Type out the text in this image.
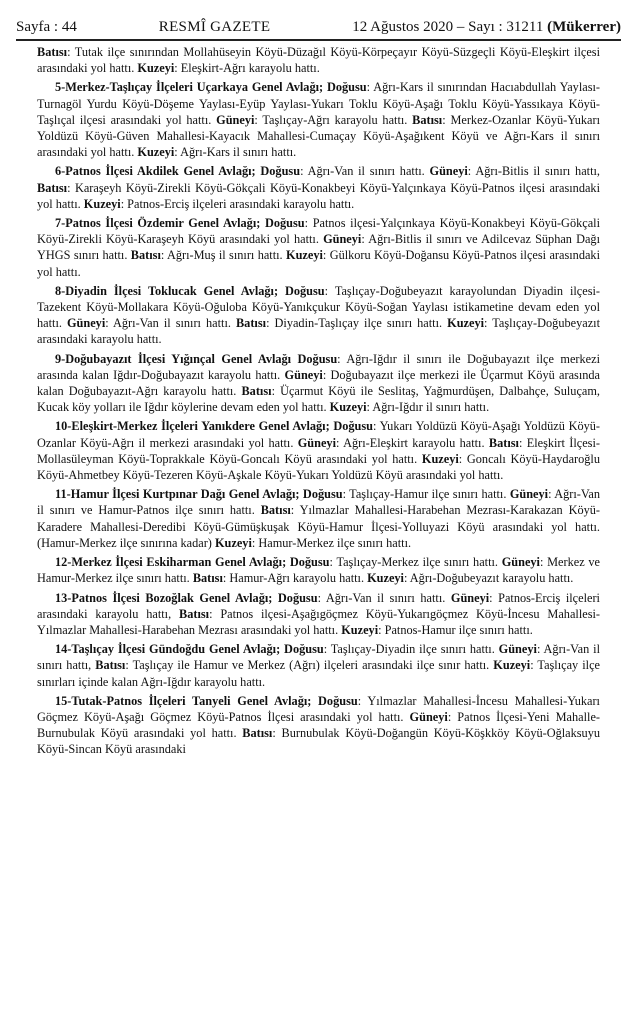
Sayfa : 44	RESMÎ GAZETE	12 Ağustos 2020 – Sayı : 31211 (Mükerrer)

Batısı: Tutak ilçe sınırından Mollahüseyin Köyü-Düzağıl Köyü-Körpeçayır Köyü-Süzgeçli Köyü-Eleşkirt ilçesi arasındaki yol hattı. Kuzeyi: Eleşkirt-Ağrı karayolu hattı.

5-Merkez-Taşlıçay İlçeleri Uçarkaya Genel Avlağı; Doğusu: Ağrı-Kars il sınırından Hacıabdullah Yaylası-Turnagöl Yurdu Köyü-Döşeme Yaylası-Eyüp Yaylası-Yukarı Toklu Köyü-Aşağı Toklu Köyü-Yassıkaya Köyü-Taşlıçal ilçesi arasındaki yol hattı. Güneyi: Taşlıçay-Ağrı karayolu hattı. Batısı: Merkez-Ozanlar Köyü-Yukarı Yoldüzü Köyü-Güven Mahallesi-Kayacık Mahallesi-Cumaçay Köyü-Aşağıkent Köyü ve Ağrı-Kars il sınırı arasındaki yol hattı. Kuzeyi: Ağrı-Kars il sınırı hattı.

6-Patnos İlçesi Akdilek Genel Avlağı; Doğusu: Ağrı-Van il sınırı hattı. Güneyi: Ağrı-Bitlis il sınırı hattı, Batısı: Karaşeyh Köyü-Zirekli Köyü-Gökçali Köyü-Konakbeyi Köyü-Yalçınkaya Köyü-Patnos ilçesi arasındaki yol hattı. Kuzeyi: Patnos-Erciş ilçeleri arasındaki karayolu hattı.

7-Patnos İlçesi Özdemir Genel Avlağı; Doğusu: Patnos ilçesi-Yalçınkaya Köyü-Konakbeyi Köyü-Gökçali Köyü-Zirekli Köyü-Karaşeyh Köyü arasındaki yol hattı. Güneyi: Ağrı-Bitlis il sınırı ve Adilcevaz Süphan Dağı YHGS sınırı hattı. Batısı: Ağrı-Muş il sınırı hattı. Kuzeyi: Gülkoru Köyü-Doğansu Köyü-Patnos ilçesi arasındaki yol hattı.

8-Diyadin İlçesi Toklucak Genel Avlağı; Doğusu: Taşlıçay-Doğubeyazıt karayolundan Diyadin ilçesi-Tazekent Köyü-Mollakara Köyü-Oğuloba Köyü-Yanıkçukur Köyü-Soğan Yaylası istikametine devam eden yol hattı. Güneyi: Ağrı-Van il sınırı hattı. Batısı: Diyadin-Taşlıçay ilçe sınırı hattı. Kuzeyi: Taşlıçay-Doğubeyazıt arasındaki karayolu hattı.

9-Doğubayazıt İlçesi Yığınçal Genel Avlağı Doğusu: Ağrı-Iğdır il sınırı ile Doğubayazıt ilçe merkezi arasında kalan Iğdır-Doğubayazıt karayolu hattı. Güneyi: Doğubayazıt ilçe merkezi ile Üçarmut Köyü arasında kalan Doğubayazıt-Ağrı karayolu hattı. Batısı: Üçarmut Köyü ile Seslitaş, Yağmurdüşen, Dalbahçe, Suluçam, Kucak köy yolları ile Iğdır köylerine devam eden yol hattı. Kuzeyi: Ağrı-Iğdır il sınırı hattı.

10-Eleşkirt-Merkez İlçeleri Yanıkdere Genel Avlağı; Doğusu: Yukarı Yoldüzü Köyü-Aşağı Yoldüzü Köyü-Ozanlar Köyü-Ağrı il merkezi arasındaki yol hattı. Güneyi: Ağrı-Eleşkirt karayolu hattı. Batısı: Eleşkirt İlçesi-Mollasüleyman Köyü-Toprakkale Köyü-Goncalı Köyü arasındaki yol hattı. Kuzeyi: Goncalı Köyü-Haydaroğlu Köyü-Ahmetbey Köyü-Tezeren Köyü-Aşkale Köyü-Yukarı Yoldüzü Köyü arasındaki yol hattı.

11-Hamur İlçesi Kurtpınar Dağı Genel Avlağı; Doğusu: Taşlıçay-Hamur ilçe sınırı hattı. Güneyi: Ağrı-Van il sınırı ve Hamur-Patnos ilçe sınırı hattı. Batısı: Yılmazlar Mahallesi-Harabehan Mezrası-Karakazan Köyü-Karadere Mahallesi-Deredibi Köyü-Gümüşkuşak Köyü-Hamur İlçesi-Yolluyazi Köyü arasındaki yol hattı. (Hamur-Merkez ilçe sınırına kadar) Kuzeyi: Hamur-Merkez ilçe sınırı hattı.

12-Merkez İlçesi Eskiharman Genel Avlağı; Doğusu: Taşlıçay-Merkez ilçe sınırı hattı. Güneyi: Merkez ve Hamur-Merkez ilçe sınırı hattı. Batısı: Hamur-Ağrı karayolu hattı. Kuzeyi: Ağrı-Doğubeyazıt karayolu hattı.

13-Patnos İlçesi Bozoğlak Genel Avlağı; Doğusu: Ağrı-Van il sınırı hattı. Güneyi: Patnos-Erciş ilçeleri arasındaki karayolu hattı, Batısı: Patnos ilçesi-Aşağıgöçmez Köyü-Yukarıgöçmez Köyü-İncesu Mahallesi-Yılmazlar Mahallesi-Harabehan Mezrası arasındaki yol hattı. Kuzeyi: Patnos-Hamur ilçe sınırı hattı.

14-Taşlıçay İlçesi Gündoğdu Genel Avlağı; Doğusu: Taşlıçay-Diyadin ilçe sınırı hattı. Güneyi: Ağrı-Van il sınırı hattı, Batısı: Taşlıçay ile Hamur ve Merkez (Ağrı) ilçeleri arasındaki ilçe sınır hattı. Kuzeyi: Taşlıçay ilçe sınırları içinde kalan Ağrı-Iğdır karayolu hattı.

15-Tutak-Patnos İlçeleri Tanyeli Genel Avlağı; Doğusu: Yılmazlar Mahallesi-İncesu Mahallesi-Yukarı Göçmez Köyü-Aşağı Göçmez Köyü-Patnos İlçesi arasındaki yol hattı. Güneyi: Patnos İlçesi-Yeni Mahalle-Burnubulak Köyü arasındaki yol hattı. Batısı: Burnubulak Köyü-Doğangün Köyü-Köşkköy Köyü-Oğlaksuyu Köyü-Sincan Köyü arasındaki
